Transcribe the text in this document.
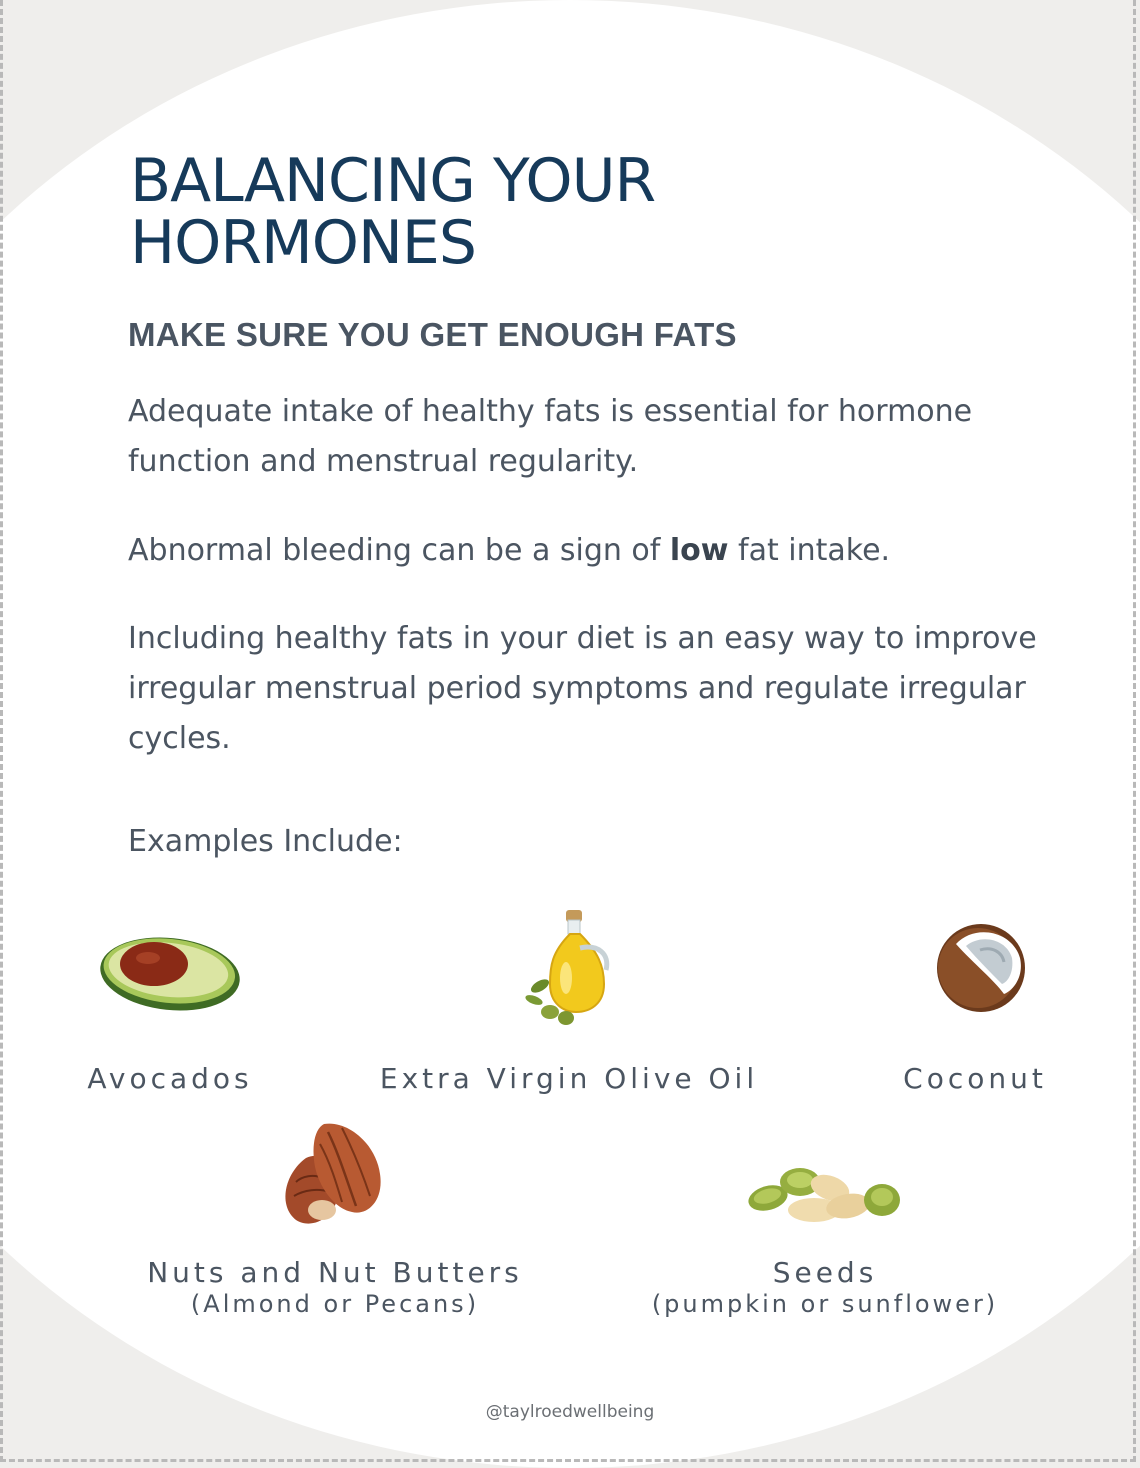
BALANCING YOUR
HORMONES
MAKE SURE YOU GET ENOUGH FATS

Adequate intake of healthy fats is essential for hormone function and menstrual regularity.

Abnormal bleeding can be a sign of low fat intake.

Including healthy fats in your diet is an easy way to improve irregular menstrual period symptoms and regulate irregular cycles.

Examples Include:

Avocados	Extra Virgin Olive Oil	Coconut
Nuts and Nut Butters
(Almond or Pecans)
Seeds
(pumpkin or sunflower)
@taylroedwellbeing
